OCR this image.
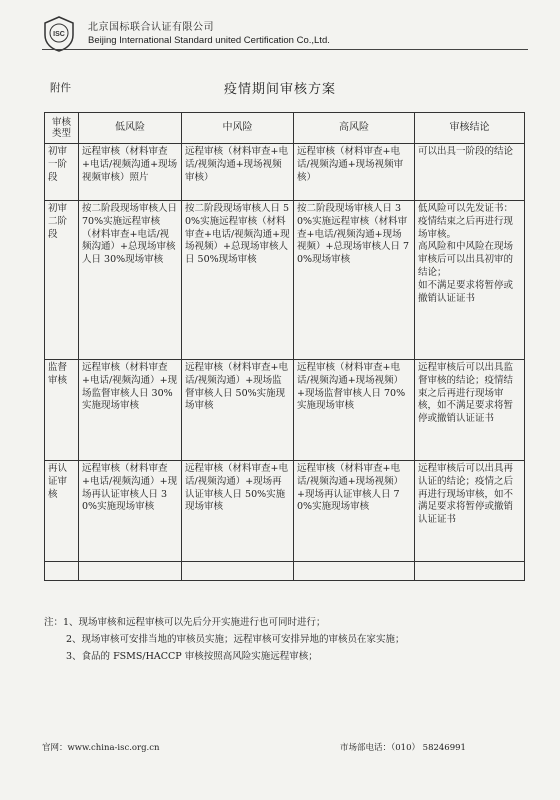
ISC
北京国标联合认证有限公司
Beijing International Standard united Certification Co.,Ltd.
附件	疫情期间审核方案
审核类型	低风险	中风险	高风险	审核结论
初审一阶段	远程审核（材料审查+电话/视频沟通+现场视频审核）照片	远程审核（材料审查+电话/视频沟通+现场视频审核）	远程审核（材料审查+电话/视频沟通+现场视频审核）	可以出具一阶段的结论
初审二阶段	按二阶段现场审核人日 70%实施远程审核（材料审查+电话/视频沟通）+总现场审核人日 30%现场审核	按二阶段现场审核人日 50%实施远程审核（材料审查+电话/视频沟通+现场视频）+总现场审核人日 50%现场审核	按二阶段现场审核人日 30%实施远程审核（材料审查+电话/视频沟通+现场视频）+总现场审核人日 70%现场审核	低风险可以先发证书：疫情结束之后再进行现场审核。
高风险和中风险在现场审核后可以出具初审的结论；
如不满足要求将暂停或撤销认证证书

监督审核	远程审核（材料审查+电话/视频沟通）+现场监督审核人日 30%实施现场审核	远程审核（材料审查+电话/视频沟通）+现场监督审核人日 50%实施现场审核	远程审核（材料审查+电话/视频沟通+现场视频）+现场监督审核人日 70%实施现场审核	远程审核后可以出具监督审核的结论；疫情结束之后再进行现场审核，如不满足要求将暂停或撤销认证证书
再认证审核	远程审核（材料审查+电话/视频沟通）+现场再认证审核人日 30%实施现场审核	远程审核（材料审查+电话/视频沟通）+现场再认证审核人日 50%实施现场审核	远程审核（材料审查+电话/视频沟通+现场视频）+现场再认证审核人日 70%实施现场审核	远程审核后可以出具再认证的结论；疫情之后再进行现场审核，如不满足要求将暂停或撤销认证证书

注：1、现场审核和远程审核可以先后分开实施进行也可同时进行；
2、现场审核可安排当地的审核员实施；远程审核可安排异地的审核员在家实施；
3、食品的 FSMS/HACCP 审核按照高风险实施远程审核；
官网：www.china-isc.org.cn	市场部电话：（010） 58246991
